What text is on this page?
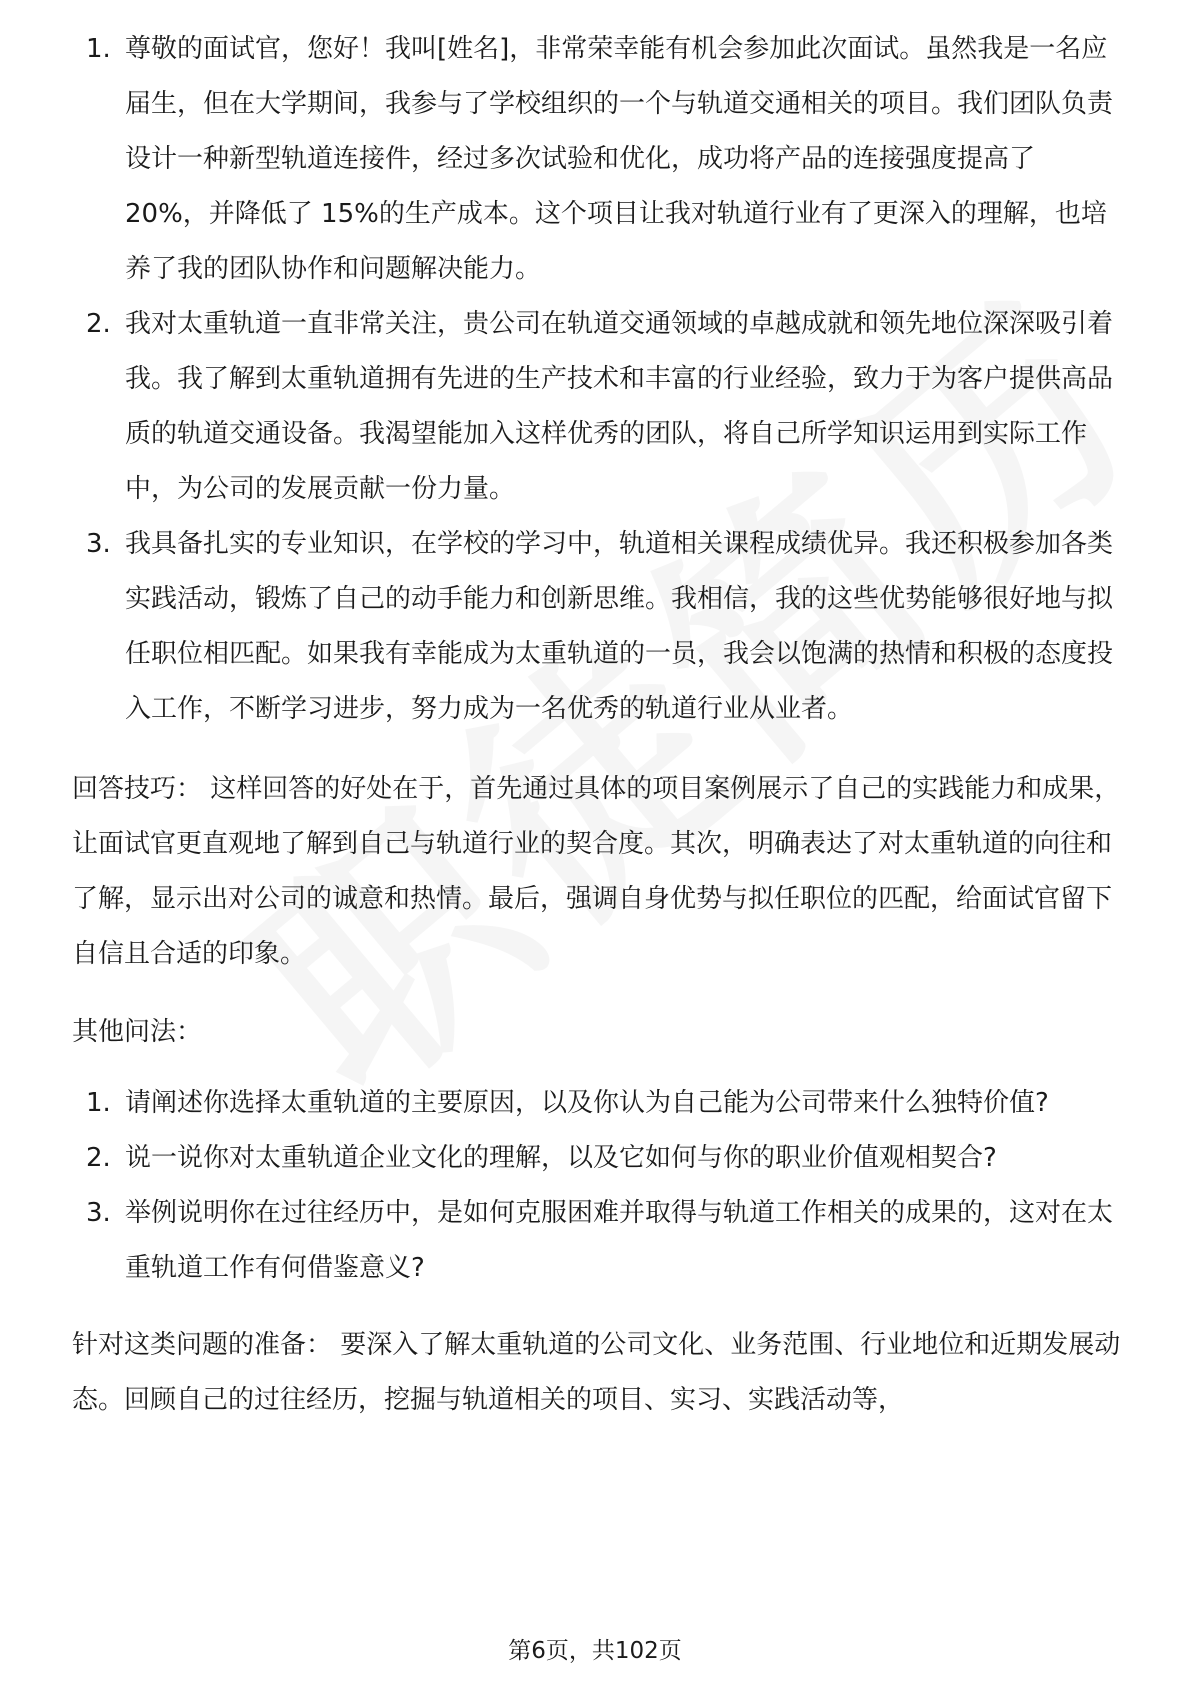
1. 尊敬的面试官，您好！我叫[姓名]，非常荣幸能有机会参加此次面试。虽然我是一名应届生，但在大学期间，我参与了学校组织的一个与轨道交通相关的项目。我们团队负责设计一种新型轨道连接件，经过多次试验和优化，成功将产品的连接强度提高了 20%，并降低了 15%的生产成本。这个项目让我对轨道行业有了更深入的理解，也培养了我的团队协作和问题解决能力。
2. 我对太重轨道一直非常关注，贵公司在轨道交通领域的卓越成就和领先地位深深吸引着我。我了解到太重轨道拥有先进的生产技术和丰富的行业经验，致力于为客户提供高品质的轨道交通设备。我渴望能加入这样优秀的团队，将自己所学知识运用到实际工作中，为公司的发展贡献一份力量。
3. 我具备扎实的专业知识，在学校的学习中，轨道相关课程成绩优异。我还积极参加各类实践活动，锻炼了自己的动手能力和创新思维。我相信，我的这些优势能够很好地与拟任职位相匹配。如果我有幸能成为太重轨道的一员，我会以饱满的热情和积极的态度投入工作，不断学习进步，努力成为一名优秀的轨道行业从业者。

回答技巧： 这样回答的好处在于，首先通过具体的项目案例展示了自己的实践能力和成果，让面试官更直观地了解到自己与轨道行业的契合度。其次，明确表达了对太重轨道的向往和了解，显示出对公司的诚意和热情。最后，强调自身优势与拟任职位的匹配，给面试官留下自信且合适的印象。

其他问法：

1. 请阐述你选择太重轨道的主要原因，以及你认为自己能为公司带来什么独特价值?
2. 说一说你对太重轨道企业文化的理解，以及它如何与你的职业价值观相契合?
3. 举例说明你在过往经历中，是如何克服困难并取得与轨道工作相关的成果的，这对在太重轨道工作有何借鉴意义?

针对这类问题的准备： 要深入了解太重轨道的公司文化、业务范围、行业地位和近期发展动态。回顾自己的过往经历，挖掘与轨道相关的项目、实习、实践活动等，

第6页，共102页
